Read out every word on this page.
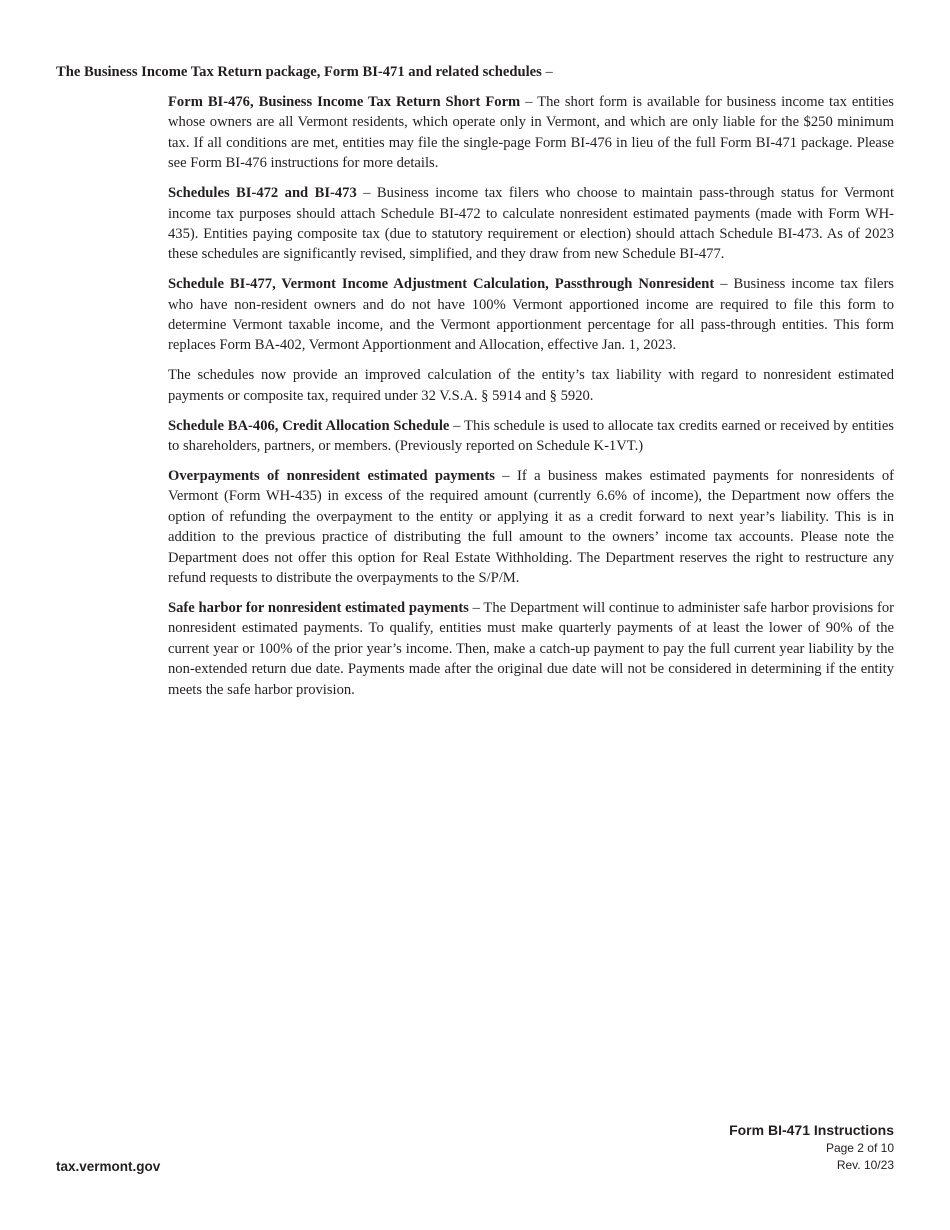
The Business Income Tax Return package, Form BI-471 and related schedules –

Form BI-476, Business Income Tax Return Short Form – The short form is available for business income tax entities whose owners are all Vermont residents, which operate only in Vermont, and which are only liable for the $250 minimum tax. If all conditions are met, entities may file the single-page Form BI-476 in lieu of the full Form BI-471 package. Please see Form BI-476 instructions for more details.

Schedules BI-472 and BI-473 – Business income tax filers who choose to maintain pass-through status for Vermont income tax purposes should attach Schedule BI-472 to calculate nonresident estimated payments (made with Form WH-435). Entities paying composite tax (due to statutory requirement or election) should attach Schedule BI-473. As of 2023 these schedules are significantly revised, simplified, and they draw from new Schedule BI-477.

Schedule BI-477, Vermont Income Adjustment Calculation, Passthrough Nonresident – Business income tax filers who have non-resident owners and do not have 100% Vermont apportioned income are required to file this form to determine Vermont taxable income, and the Vermont apportionment percentage for all pass-through entities. This form replaces Form BA-402, Vermont Apportionment and Allocation, effective Jan. 1, 2023.

The schedules now provide an improved calculation of the entity’s tax liability with regard to nonresident estimated payments or composite tax, required under 32 V.S.A. § 5914 and § 5920.

Schedule BA-406, Credit Allocation Schedule – This schedule is used to allocate tax credits earned or received by entities to shareholders, partners, or members. (Previously reported on Schedule K-1VT.)

Overpayments of nonresident estimated payments – If a business makes estimated payments for nonresidents of Vermont (Form WH-435) in excess of the required amount (currently 6.6% of income), the Department now offers the option of refunding the overpayment to the entity or applying it as a credit forward to next year’s liability. This is in addition to the previous practice of distributing the full amount to the owners’ income tax accounts. Please note the Department does not offer this option for Real Estate Withholding. The Department reserves the right to restructure any refund requests to distribute the overpayments to the S/P/M.

Safe harbor for nonresident estimated payments – The Department will continue to administer safe harbor provisions for nonresident estimated payments. To qualify, entities must make quarterly payments of at least the lower of 90% of the current year or 100% of the prior year’s income. Then, make a catch-up payment to pay the full current year liability by the non-extended return due date. Payments made after the original due date will not be considered in determining if the entity meets the safe harbor provision.

tax.vermont.gov
Form BI-471 Instructions
Page 2 of 10
Rev. 10/23
